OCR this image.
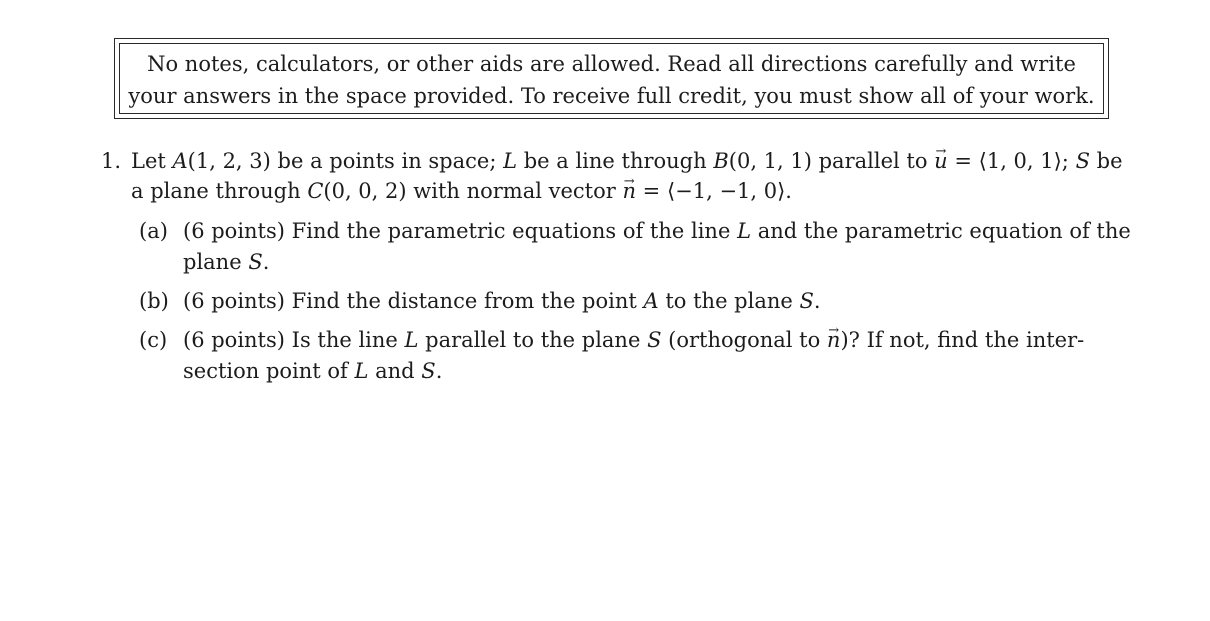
No notes, calculators, or other aids are allowed. Read all directions carefully and write
your answers in the space provided. To receive full credit, you must show all of your work.
1. Let A(1, 2, 3) be a points in space; L be a line through B(0, 1, 1) parallel to → u = ⟨1, 0, 1⟩; S be
a plane through C(0, 0, 2) with normal vector → n = ⟨−1, −1, 0⟩.
(a) (6 points) Find the parametric equations of the line L and the parametric equation of the
plane S.
(b) (6 points) Find the distance from the point A to the plane S.
(c) (6 points) Is the line L parallel to the plane S (orthogonal to → n)? If not, find the inter-
section point of L and S.
